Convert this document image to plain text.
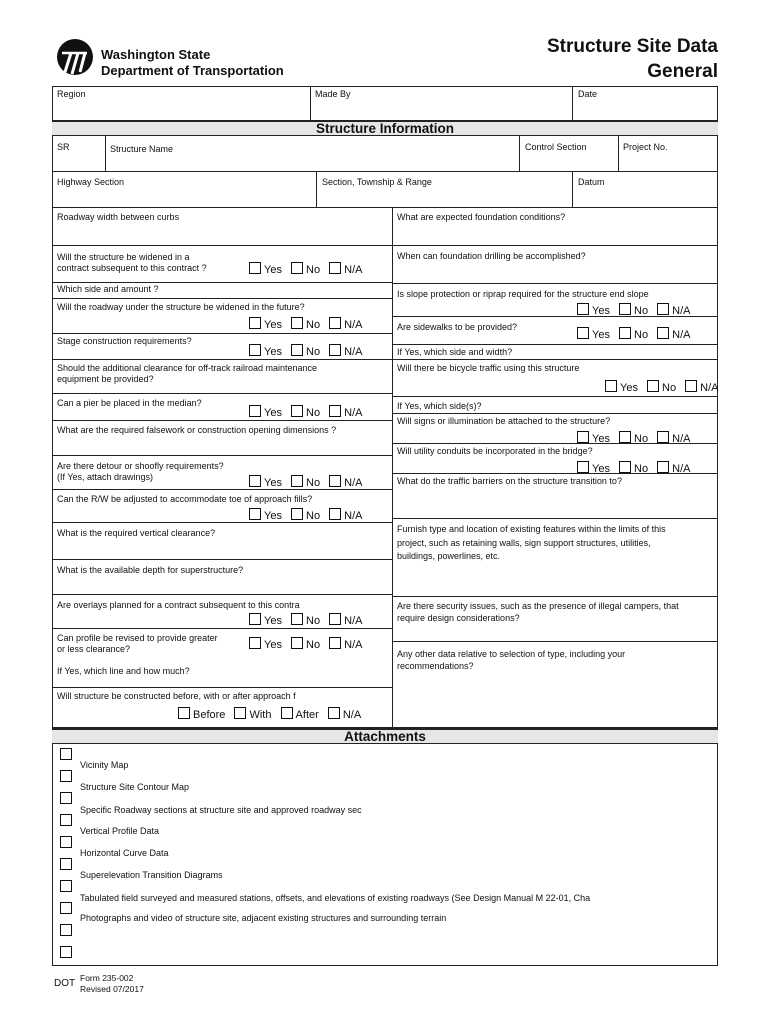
Washington State
Department of Transportation
Structure Site Data
General
Region	Made By	Date
Structure Information
SR	Structure Name	Control Section	Project No.
Highway Section	Section, Township & Range	Datum
Roadway width between curbs
Will the structure be widened in a
contract subsequent to this contract ?	Yes No N/A
Which side and amount ?
Will the roadway under the structure be widened in the future?
Yes No N/A
Stage construction requirements?
Yes No N/A
Should the additional clearance for off-track railroad maintenance
equipment be provided?
Can a pier be placed in the median?
Yes No N/A
What are the required falsework or construction opening dimensions ?
Are there detour or shoofly requirements?
(If Yes, attach drawings)	Yes No N/A
Can the R/W be adjusted to accommodate toe of approach fills?
Yes No N/A
What is the required vertical clearance?
What is the available depth for superstructure?
Are overlays planned for a contract subsequent to this contra
Yes No N/A
Can profile be revised to provide greater
or less clearance?	Yes No N/A
If Yes, which line and how much?
Will structure be constructed before, with or after approach f
Before With After N/A
What are expected foundation conditions?
When can foundation drilling be accomplished?
Is slope protection or riprap required for the structure end slope
Yes No N/A
Are sidewalks to be provided?
Yes No N/A
If Yes, which side and width?
Will there be bicycle traffic using this structure
Yes No N/A
If Yes, which side(s)?
Will signs or illumination be attached to the structure?
Yes No N/A
Will utility conduits be incorporated in the bridge?
Yes No N/A
What do the traffic barriers on the structure transition to?
Furnish type and location of existing features within the limits of this
project, such as retaining walls, sign support structures, utilities,
buildings, powerlines, etc.
Are there security issues, such as the presence of illegal campers, that
require design considerations?
Any other data relative to selection of type, including your
recommendations?
Attachments
Vicinity Map
Structure Site Contour Map
Specific Roadway sections at structure site and approved roadway sec
Vertical Profile Data
Horizontal Curve Data
Superelevation Transition Diagrams
Tabulated field surveyed and measured stations, offsets, and elevations of existing roadways (See Design Manual M 22-01, Cha
Photographs and video of structure site, adjacent existing structures and surrounding terrain
DOT Form 235-002
Revised 07/2017
